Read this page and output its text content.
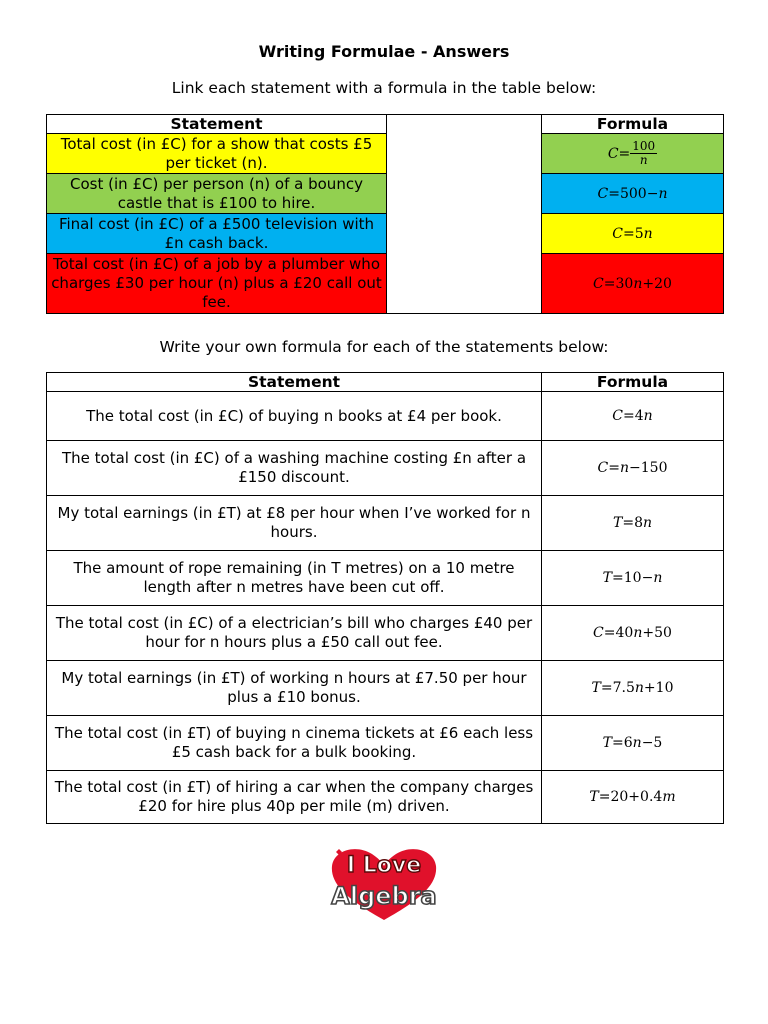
Writing Formulae - Answers
Link each statement with a formula in the table below:
Statement		Formula
Total cost (in £C) for a show that costs £5 per ticket (n).		$C= \frac{100}{n}$

Cost (in £C) per person (n) of a bouncy castle that is £100 to hire.		C=500−n
Final cost (in £C) of a £500 television with £n cash back.		C=5n
Total cost (in £C) of a job by a plumber who charges £30 per hour (n) plus a £20 call out fee.		C=30n+20
Write your own formula for each of the statements below:
Statement	Formula
The total cost (in £C) of buying n books at £4 per book.	C=4n
The total cost (in £C) of a washing machine costing £n after a £150 discount.	C=n−150
My total earnings (in £T) at £8 per hour when I’ve worked for n hours.	T=8n
The amount of rope remaining (in T metres) on a 10 metre length after n metres have been cut off.	T=10−n
The total cost (in £C) of a electrician’s bill who charges £40 per hour for n hours plus a £50 call out fee.	C=40n+50
My total earnings (in £T) of working n hours at £7.50 per hour plus a £10 bonus.	T=7.5n+10
The total cost (in £T) of buying n cinema tickets at £6 each less £5 cash back for a bulk booking.	T=6n−5
The total cost (in £T) of hiring a car when the company charges £20 for hire plus 40p per mile (m) driven.	T=20+0.4m
I Love
Algebra
